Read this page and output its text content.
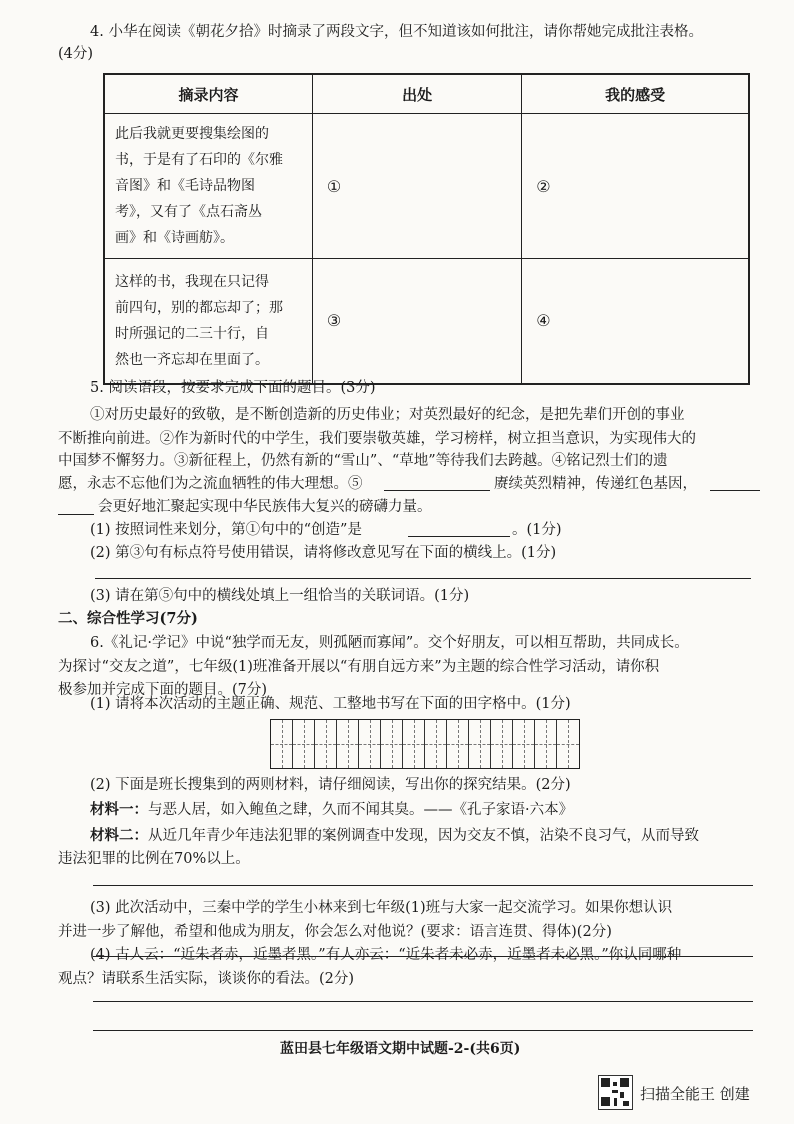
4. 小华在阅读《朝花夕拾》时摘录了两段文字，但不知道该如何批注，请你帮她完成批注表格。
(4分)
摘录内容	出处	我的感受

此后我就更要搜集绘图的
书，于是有了石印的《尔雅
音图》和《毛诗品物图
考》，又有了《点石斋丛
画》和《诗画舫》。	①	②

这样的书，我现在只记得
前四句，别的都忘却了；那
时所强记的二三十行，自
然也一齐忘却在里面了。	③	④
5. 阅读语段，按要求完成下面的题目。(3分)
①对历史最好的致敬，是不断创造新的历史伟业；对英烈最好的纪念，是把先辈们开创的事业
不断推向前进。②作为新时代的中学生，我们要崇敬英雄，学习榜样，树立担当意识，为实现伟大的
中国梦不懈努力。③新征程上，仍然有新的“雪山”、“草地”等待我们去跨越。④铭记烈士们的遗
愿，永志不忘他们为之流血牺牲的伟大理想。⑤	赓续英烈精神，传递红色基因，
会更好地汇聚起实现中华民族伟大复兴的磅礴力量。
(1) 按照词性来划分，第①句中的“创造”是	。(1分)
(2) 第③句有标点符号使用错误，请将修改意见写在下面的横线上。(1分)
(3) 请在第⑤句中的横线处填上一组恰当的关联词语。(1分)
二、综合性学习(7分)
6.《礼记·学记》中说“独学而无友，则孤陋而寡闻”。交个好朋友，可以相互帮助，共同成长。
为探讨“交友之道”，七年级(1)班准备开展以“有朋自远方来”为主题的综合性学习活动，请你积
极参加并完成下面的题目。(7分)
(1) 请将本次活动的主题正确、规范、工整地书写在下面的田字格中。(1分)
(2) 下面是班长搜集到的两则材料，请仔细阅读，写出你的探究结果。(2分)
材料一：与恶人居，如入鲍鱼之肆，久而不闻其臭。——《孔子家语·六本》
材料二：从近几年青少年违法犯罪的案例调查中发现，因为交友不慎，沾染不良习气，从而导致
违法犯罪的比例在70%以上。
(3) 此次活动中，三秦中学的学生小林来到七年级(1)班与大家一起交流学习。如果你想认识
并进一步了解他，希望和他成为朋友，你会怎么对他说？(要求：语言连贯、得体)(2分)
(4) 古人云：“近朱者赤，近墨者黑。”有人亦云：“近朱者未必赤，近墨者未必黑。”你认同哪种
观点？请联系生活实际，谈谈你的看法。(2分)
蓝田县七年级语文期中试题-2-(共6页)
扫描全能王 创建
